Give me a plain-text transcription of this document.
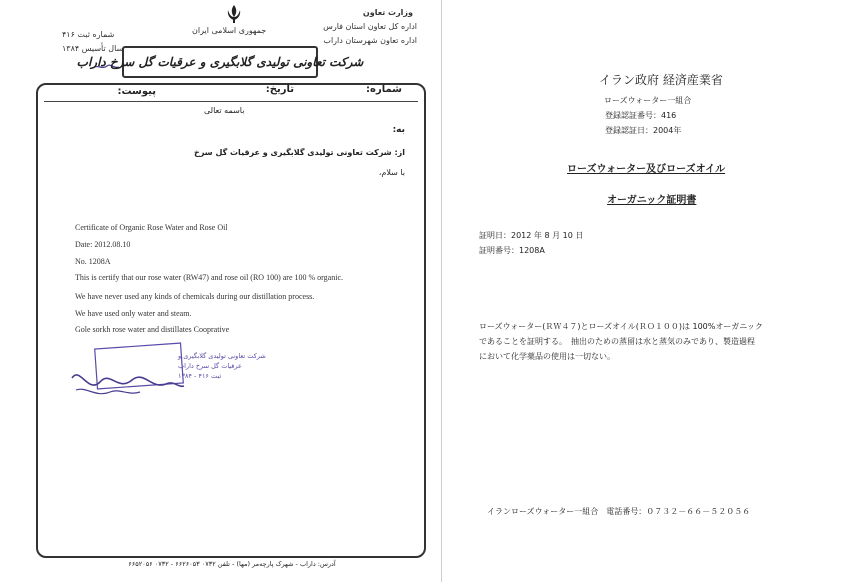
جمهوری اسلامی ایران
وزارت تعاون
اداره کل تعاون استان فارس
اداره تعاون شهرستان داراب
شماره ثبت ۴۱۶
سال تأسیس ۱۳۸۴
شرکت تعاونی تولیدی گلابگیری و عرقیات گل سرخ داراب
شماره:
تاریخ:
پیوست:
باسمه تعالی
به:
از: شرکت تعاونی تولیدی گلابگیری و عرقیات گل سرخ
با سلام،
Certificate of Organic Rose Water and Rose Oil
Date: 2012.08.10
No. 1208A
This is certify that our rose water (RW47) and rose oil (RO 100) are 100 % organic.
We have never used any kinds of chemicals during our distillation process.
We have used only water and steam.
Gole sorkh rose water and distillates Cooprative
شرکت تعاونی تولیدی گلابگیری و
عرقیات گل سرخ داراب
ثبت ۴۱۶ - ۱۳۸۴
آدرس: داراب - شهرک پارچه‌مر (مها) - تلفن ۰۷۳۲ ۶۶۲۶۰۵۳ - ۰۷۳۲ ۶۶۵۲۰۵۶
イラン政府 経済産業省
ローズウォーター一組合
登録認証番号：416
登録認証日：2004年
ローズウォーター及びローズオイル
オーガニック証明書
証明日：2012 年 8 月 10 日
証明番号：1208A
ローズウォーター(ＲＷ４７)とローズオイル(ＲＯ１００)は 100%オーガニック
であることを証明する。　抽出のための蒸留は水と蒸気のみであり、製造過程
において化学薬品の使用は一切ない。
イランローズウォーター一組合　電話番号：０７３２－６６－５２０５６
